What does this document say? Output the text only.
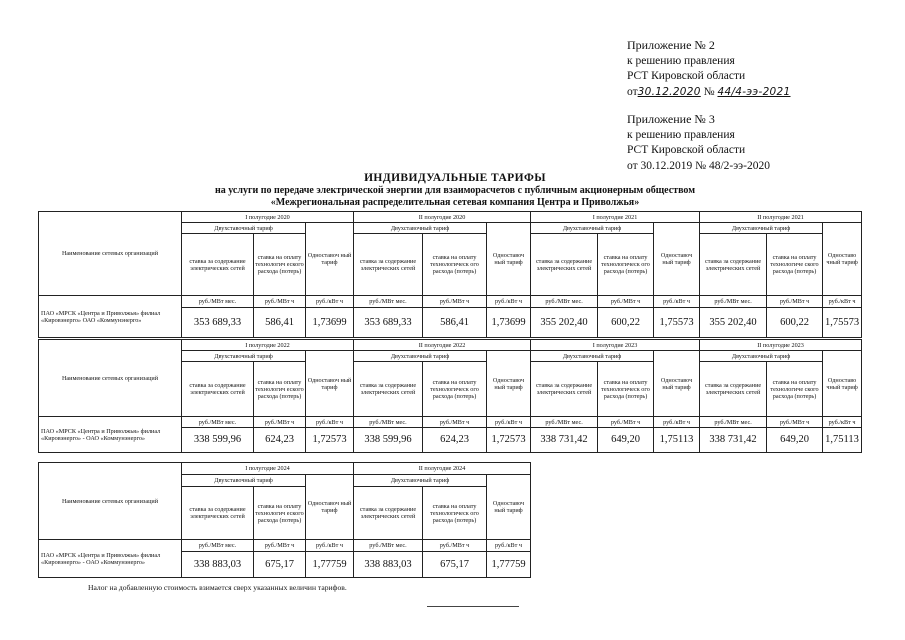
Приложение № 2
к решению правления
РСТ Кировской области
от30.12.2020 № 44/4-ээ-2021
Приложение № 3
к решению правления
РСТ Кировской области
от 30.12.2019 № 48/2-ээ-2020
ИНДИВИДУАЛЬНЫЕ ТАРИФЫ
на услуги по передаче электрической энергии для взаиморасчетов с публичным акционерным обществом
«Межрегиональная распределительная сетевая компания Центра и Приволжья»
Наименование сетевых организаций	I полугодие 2020			II полугодие 2020			I полугодие 2021			II полугодие 2021		
	Двухставочный тариф		Одноставоч ный тариф	Двухставочный тариф		Одноставоч ный тариф	Двухставочный тариф		Одноставоч ный тариф	Двухставочный тариф		Одноставо чный тариф
	ставка за содержание электрических сетей	ставка на оплату технологич еского расхода (потерь)		ставка за содержание электрических сетей	ставка на оплату технологическ ого расхода (потерь)		ставка за содержание электрических сетей	ставка на оплату технологическ ого расхода (потерь)		ставка за содержание электрических сетей	ставка на оплату технологиче ского расхода (потерь)	
ПАО «МРСК «Центра и Приволжья» филиал «Кировэнерго» ОАО «Коммунэнерго»	руб./МВт мес.	руб./МВт ч	руб./кВт ч	руб./МВт мес.	руб./МВт ч	руб./кВт ч	руб./МВт мес.	руб./МВт ч	руб./кВт ч	руб./МВт мес.	руб./МВт ч	руб./кВт ч
	353 689,33	586,41	1,73699	353 689,33	586,41	1,73699	355 202,40	600,22	1,75573	355 202,40	600,22	1,75573
Наименование сетевых организаций	I полугодие 2022			II полугодие 2022			I полугодие 2023			II полугодие 2023		
	Двухставочный тариф		Одноставоч ный тариф	Двухставочный тариф		Одноставоч ный тариф	Двухставочный тариф		Одноставоч ный тариф	Двухставочный тариф		Одноставо чный тариф
	ставка за содержание электрических сетей	ставка на оплату технологич еского расхода (потерь)		ставка за содержание электрических сетей	ставка на оплату технологическ ого расхода (потерь)		ставка за содержание электрических сетей	ставка на оплату технологическ ого расхода (потерь)		ставка за содержание электрических сетей	ставка на оплату технологиче ского расхода (потерь)	
ПАО «МРСК «Центра и Приволжья» филиал «Кировэнерго» - ОАО «Коммунэнерго»	руб./МВт мес.	руб./МВт ч	руб./кВт ч	руб./МВт мес.	руб./МВт ч	руб./кВт ч	руб./МВт мес.	руб./МВт ч	руб./кВт ч	руб./МВт мес.	руб./МВт ч	руб./кВт ч
	338 599,96	624,23	1,72573	338 599,96	624,23	1,72573	338 731,42	649,20	1,75113	338 731,42	649,20	1,75113
Наименование сетевых организаций	I полугодие 2024			II полугодие 2024		
	Двухставочный тариф		Одноставоч ный тариф	Двухставочный тариф		Одноставоч ный тариф
	ставка за содержание электрических сетей	ставка на оплату технологич еского расхода (потерь)		ставка за содержание электрических сетей	ставка на оплату технологическ ого расхода (потерь)	
ПАО «МРСК «Центра и Приволжья» филиал «Кировэнерго» - ОАО «Коммунэнерго»	руб./МВт мес.	руб./МВт ч	руб./кВт ч	руб./МВт мес.	руб./МВт ч	руб./кВт ч
	338 883,03	675,17	1,77759	338 883,03	675,17	1,77759
Налог на добавленную стоимость взимается сверх указанных величин тарифов.
